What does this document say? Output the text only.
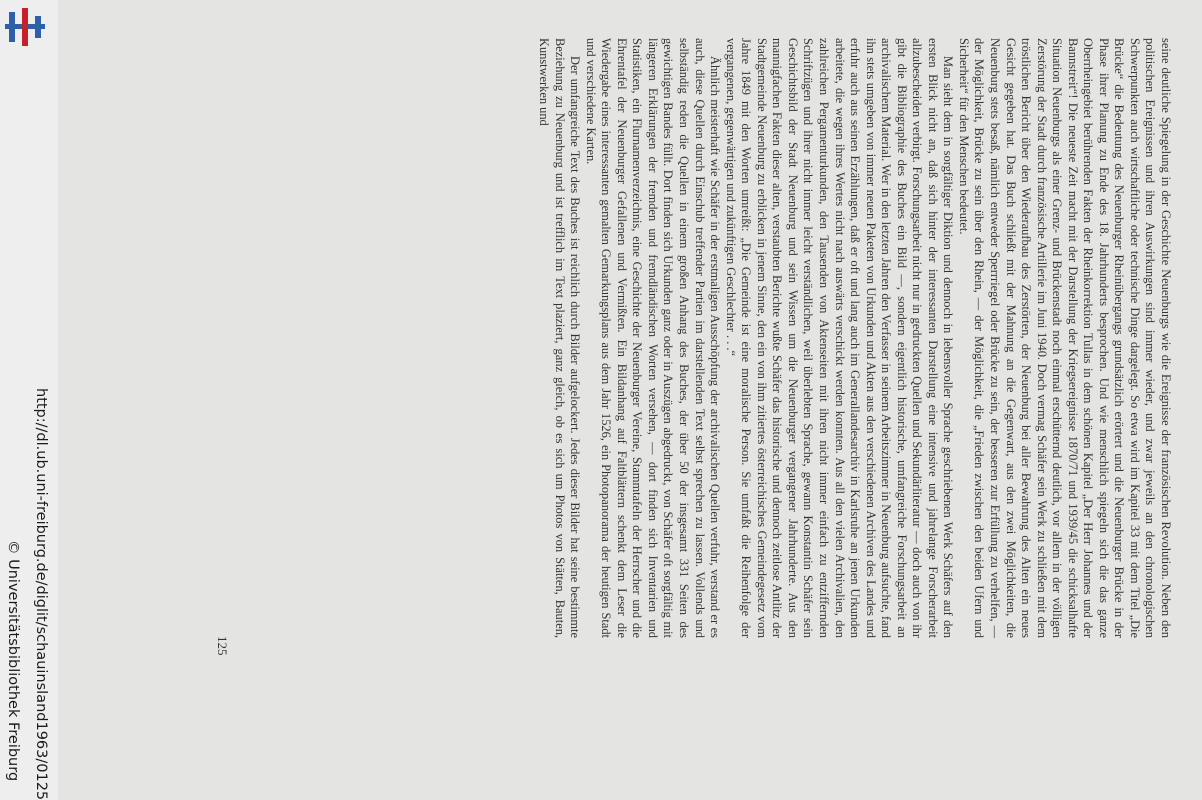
http://dl.ub.uni-freiburg.de/diglit/schauinsland1963/0125
© Universitätsbibliothek Freiburg

seine deutliche Spiegelung in der Geschichte Neuenburgs wie die Ereignisse der französischen Revolution. Neben den politischen Ereignissen und ihren Auswirkungen sind immer wieder, und zwar jeweils an den chronologischen Schwerpunkten auch wirtschaftliche oder technische Dinge dargelegt. So etwa wird im Kapitel 33 mit dem Titel „Die Brücke“ die Bedeutung des Neuenburger Rheinübergangs grundsätzlich erörtert und die Neuenburger Brücke in der Phase ihrer Planung zu Ende des 18. Jahrhunderts besprochen. Und wie menschlich spiegeln sich die das ganze Oberrheingebiet berührenden Fakten der Rheinkorrektion Tullas in dem schönen Kapitel „Der Herr Johannes und der Bannstreit“! Die neueste Zeit macht mit der Darstellung der Kriegsereignisse 1870/71 und 1939/45 die schicksalhafte Situation Neuenburgs als einer Grenz- und Brückenstadt noch einmal erschütternd deutlich, vor allem in der völligen Zerstörung der Stadt durch französische Artillerie im Juni 1940. Doch vermag Schäfer sein Werk zu schließen mit dem tröstlichen Bericht über den Wiederaufbau des Zerstörten, der Neuenburg bei aller Bewahrung des Alten ein neues Gesicht gegeben hat. Das Buch schließt mit der Mahnung an die Gegenwart, aus den zwei Möglichkeiten, die Neuenburg stets besaß, nämlich entweder Sperrriegel oder Brücke zu sein, der besseren zur Erfüllung zu verhelfen, — der Möglichkeit, Brücke zu sein über den Rhein, — der Möglichkeit, die „Frieden zwischen den beiden Ufern und Sicherheit“ für den Menschen bedeutet.

Man sieht dem in sorgfältiger Diktion und dennoch in lebensvoller Sprache geschriebenen Werk Schäfers auf den ersten Blick nicht an, daß sich hinter der interessanten Darstellung eine intensive und jahrelange Forscherarbeit allzubescheiden verbirgt. Forschungsarbeit nicht nur in gedruckten Quellen und Sekundärliteratur — doch auch von ihr gibt die Bibliographie des Buches ein Bild —, sondern eigentlich historische, umfangreiche Forschungsarbeit an archivalischem Material. Wer in den letzten Jahren den Verfasser in seinem Arbeitszimmer in Neuenburg aufsuchte, fand ihn stets umgeben von immer neuen Paketen von Urkunden und Akten aus den verschiedenen Archiven des Landes und erfuhr auch aus seinen Erzählungen, daß er oft und lang auch im Generallandesarchiv in Karlsruhe an jenen Urkunden arbeitete, die wegen ihres Wertes nicht nach auswärts verschickt werden konnten. Aus all den vielen Archivalien, den zahlreichen Pergamenturkunden, den Tausenden von Aktenseiten mit ihren nicht immer einfach zu entziffernden Schriftzügen und ihrer nicht immer leicht verständlichen, weil überlebten Sprache, gewann Konstantin Schäfer sein Geschichtsbild der Stadt Neuenburg und sein Wissen um die Neuenburger vergangener Jahrhunderte. Aus den mannigfachen Fakten dieser alten, verstaubten Berichte wußte Schäfer das historische und dennoch zeitlose Antlitz der Stadtgemeinde Neuenburg zu erblicken in jenem Sinne, den ein von ihm zitiertes österreichisches Gemeindegesetz vom Jahre 1849 mit den Worten umreißt: „Die Gemeinde ist eine moralische Person. Sie umfaßt die Reihenfolge der vergangenen, gegenwärtigen und zukünftigen Geschlechter . . .“

Ähnlich meisterhaft wie Schäfer in der erstmaligen Ausschöpfung der archivalischen Quellen verfuhr, verstand er es auch, diese Quellen durch Einschub treffender Partien im darstellenden Text selbst sprechen zu lassen. Vollends und selbständig reden die Quellen in einem großen Anhang des Buches, der über 50 der insgesamt 331 Seiten des gewichtigen Bandes füllt. Dort finden sich Urkunden ganz oder in Auszügen abgedruckt, von Schäfer oft sorgfältig mit längeren Erklärungen der fremden und fremdländischen Worten versehen, — dort finden sich Inventarien und Statistiken, ein Flurnamenverzeichnis, eine Geschichte der Neuenburger Vereine, Stammtafeln der Herrscher und die Ehrentafel der Neuenburger Gefallenen und Vermißten. Ein Bildanhang auf Faltblättern schenkt dem Leser die Wiedergabe eines interessanten gemalten Gemarkungsplans aus dem Jahr 1526, ein Photopanorama der heutigen Stadt und verschiedene Karten.

Der umfangreiche Text des Buches ist reichlich durch Bilder aufgelockert. Jedes dieser Bilder hat seine bestimmte Beziehung zu Neuenburg und ist trefflich im Text plaziert, ganz gleich, ob es sich um Photos von Stätten, Bauten, Kunstwerken und

125
